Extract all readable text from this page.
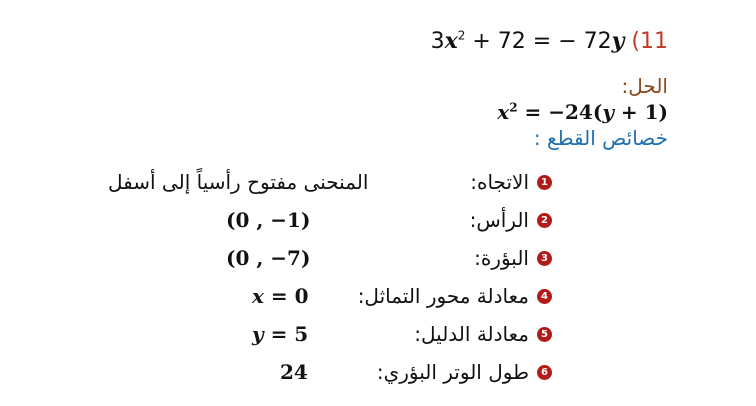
$3x^2 + 72$ = − 72y (11
الحل:
$x^2 = -24(y + 1)$
خصائص القطع :
1
الاتجاه:
المنحنى مفتوح رأسياً إلى أسفل
2
الرأس:
(0 , −1)
3
البؤرة:
(0 , −7)
4
معادلة محور التماثل:
x = 0
5
معادلة الدليل:
y = 5
6
طول الوتر البؤري:
24
